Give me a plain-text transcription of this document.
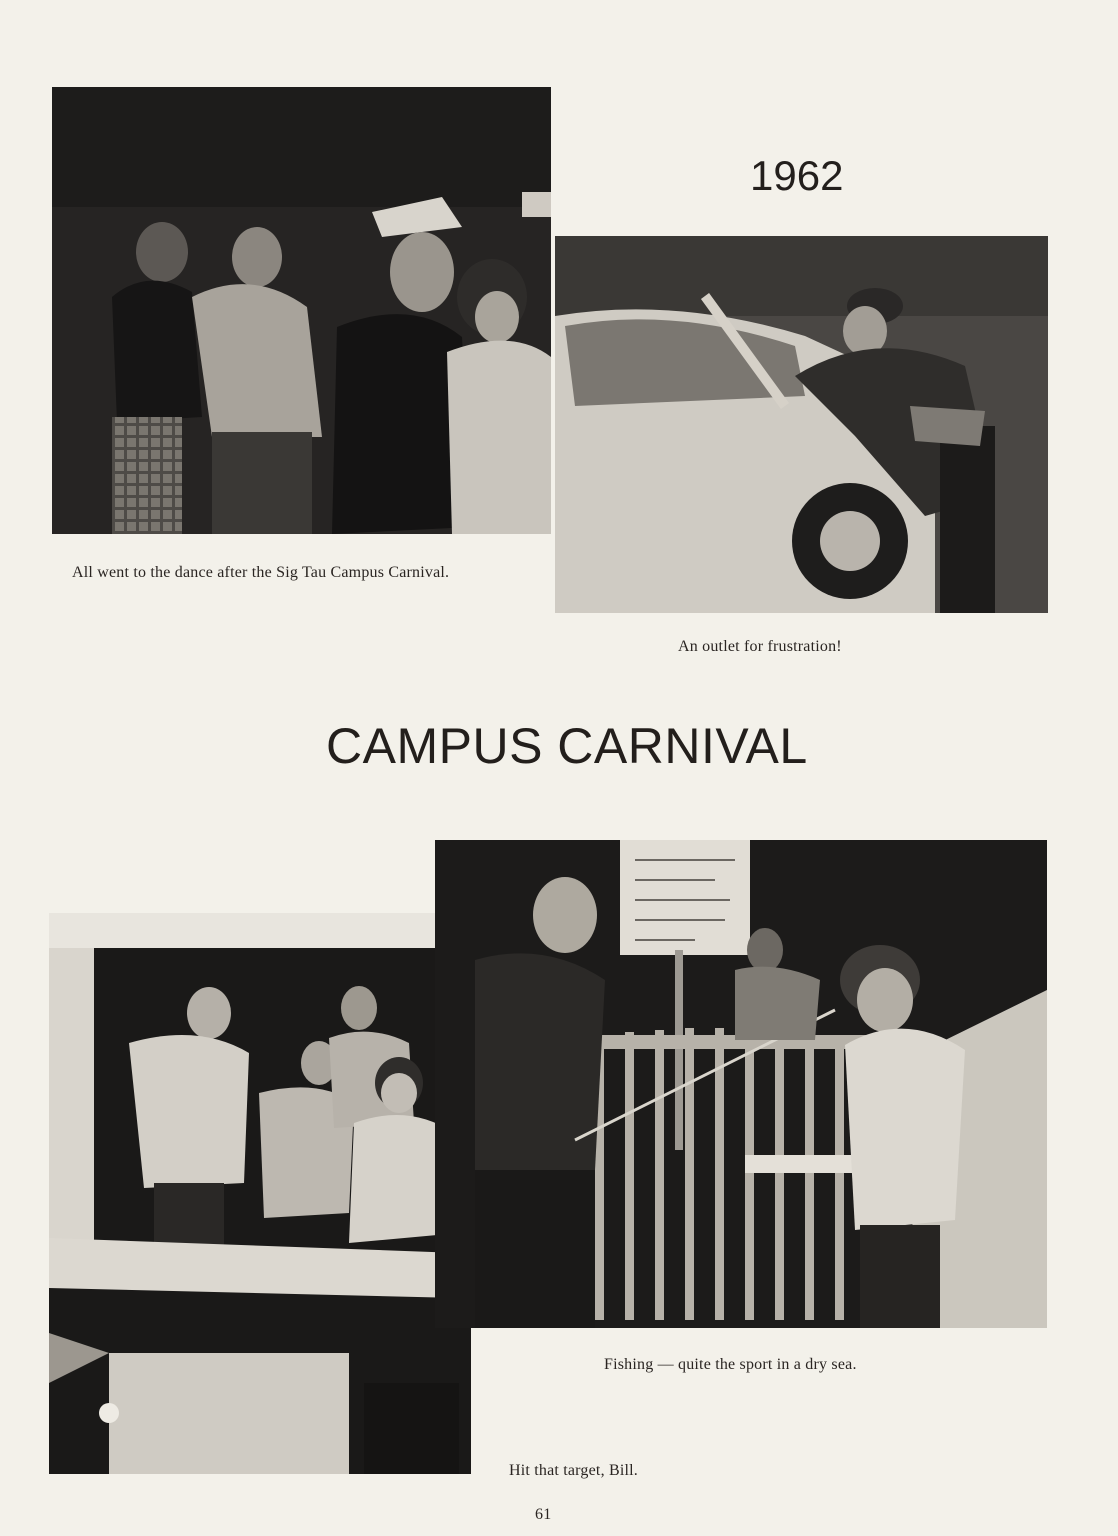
All went to the dance after the Sig Tau Campus Carnival.
1962
An outlet for frustration!
CAMPUS CARNIVAL
Hit that target, Bill.
Fishing — quite the sport in a dry sea.
61
